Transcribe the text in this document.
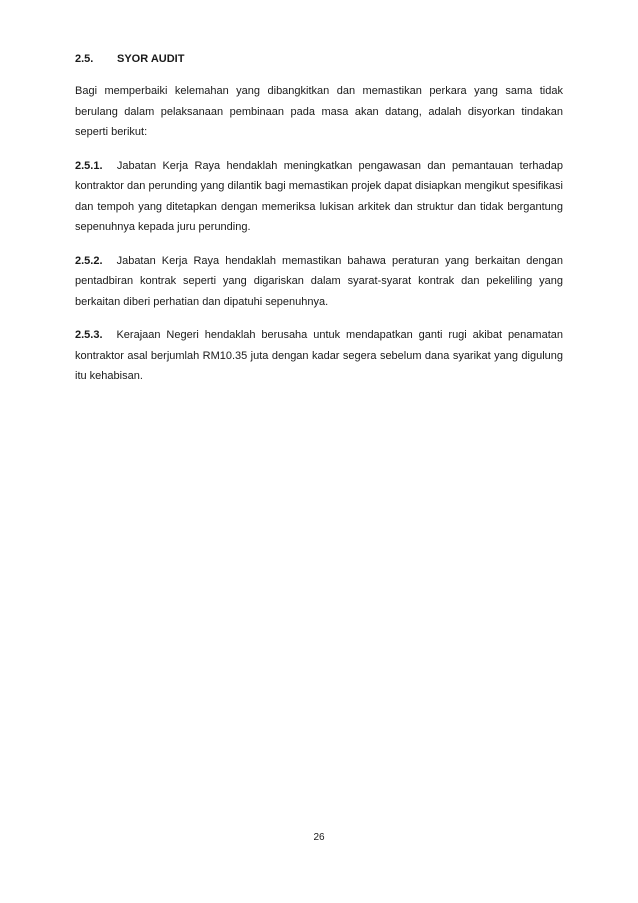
2.5. SYOR AUDIT

Bagi memperbaiki kelemahan yang dibangkitkan dan memastikan perkara yang sama tidak berulang dalam pelaksanaan pembinaan pada masa akan datang, adalah disyorkan tindakan seperti berikut:

2.5.1. Jabatan Kerja Raya hendaklah meningkatkan pengawasan dan pemantauan terhadap kontraktor dan perunding yang dilantik bagi memastikan projek dapat disiapkan mengikut spesifikasi dan tempoh yang ditetapkan dengan memeriksa lukisan arkitek dan struktur dan tidak bergantung sepenuhnya kepada juru perunding.

2.5.2. Jabatan Kerja Raya hendaklah memastikan bahawa peraturan yang berkaitan dengan pentadbiran kontrak seperti yang digariskan dalam syarat-syarat kontrak dan pekeliling yang berkaitan diberi perhatian dan dipatuhi sepenuhnya.

2.5.3. Kerajaan Negeri hendaklah berusaha untuk mendapatkan ganti rugi akibat penamatan kontraktor asal berjumlah RM10.35 juta dengan kadar segera sebelum dana syarikat yang digulung itu kehabisan.

26
